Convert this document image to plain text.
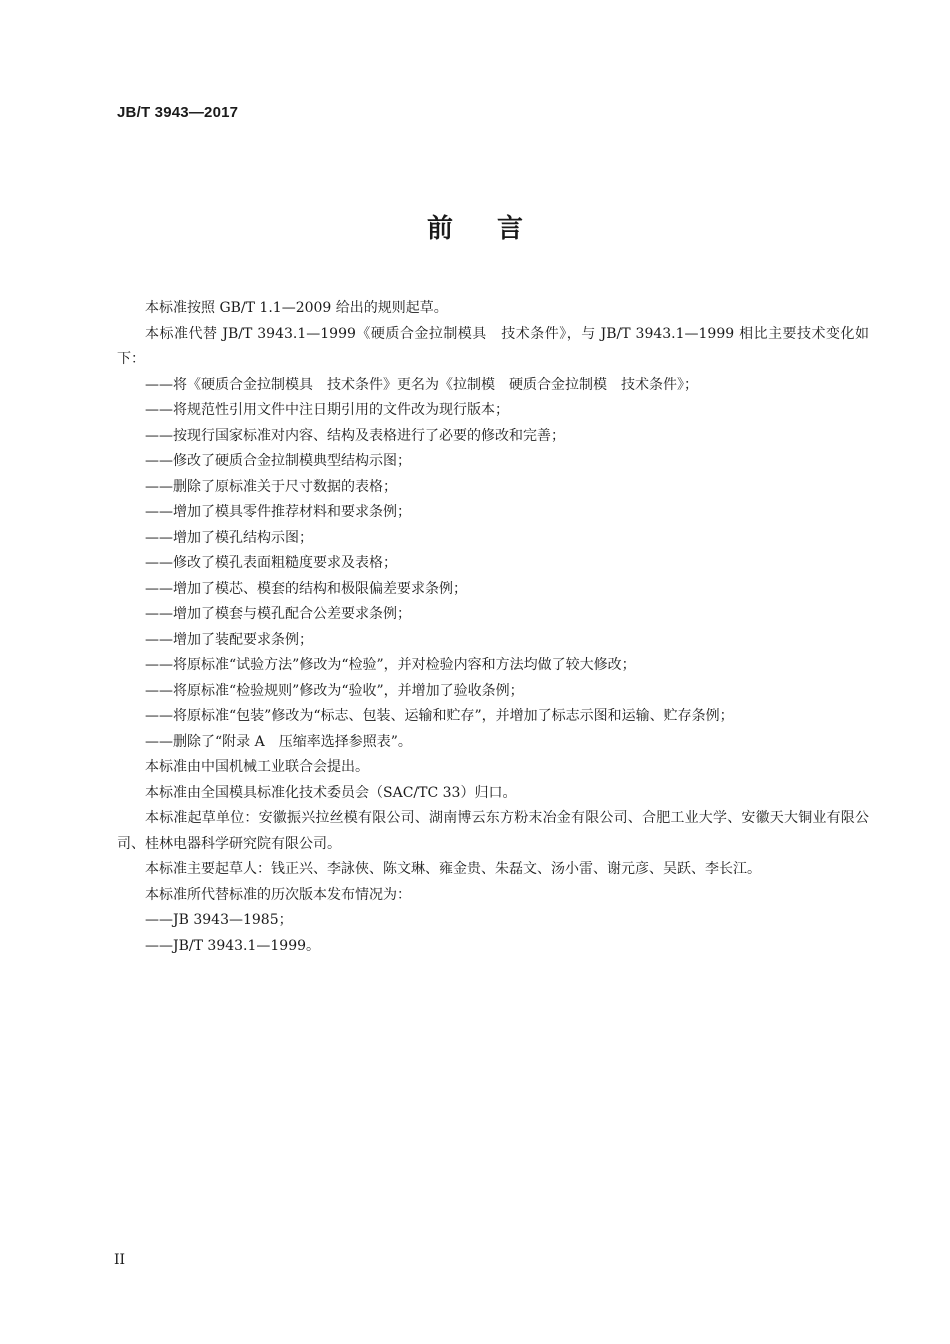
JB/T 3943—2017
前言

本标准按照 GB/T 1.1—2009 给出的规则起草。

本标准代替 JB/T 3943.1—1999《硬质合金拉制模具　技术条件》，与 JB/T 3943.1—1999 相比主要技术变化如下：

——将《硬质合金拉制模具　技术条件》更名为《拉制模　硬质合金拉制模　技术条件》；

——将规范性引用文件中注日期引用的文件改为现行版本；

——按现行国家标准对内容、结构及表格进行了必要的修改和完善；

——修改了硬质合金拉制模典型结构示图；

——删除了原标准关于尺寸数据的表格；

——增加了模具零件推荐材料和要求条例；

——增加了模孔结构示图；

——修改了模孔表面粗糙度要求及表格；

——增加了模芯、模套的结构和极限偏差要求条例；

——增加了模套与模孔配合公差要求条例；

——增加了装配要求条例；

——将原标准“试验方法”修改为“检验”，并对检验内容和方法均做了较大修改；

——将原标准“检验规则”修改为“验收”，并增加了验收条例；

——将原标准“包装”修改为“标志、包装、运输和贮存”，并增加了标志示图和运输、贮存条例；

——删除了“附录 A　压缩率选择参照表”。

本标准由中国机械工业联合会提出。

本标准由全国模具标准化技术委员会（SAC/TC 33）归口。

本标准起草单位：安徽振兴拉丝模有限公司、湖南博云东方粉末冶金有限公司、合肥工业大学、安徽天大铜业有限公司、桂林电器科学研究院有限公司。

本标准主要起草人：钱正兴、李詠俠、陈文琳、雍金贵、朱磊文、汤小雷、谢元彦、吴跃、李长江。

本标准所代替标准的历次版本发布情况为：

——JB 3943—1985；

——JB/T 3943.1—1999。

II
